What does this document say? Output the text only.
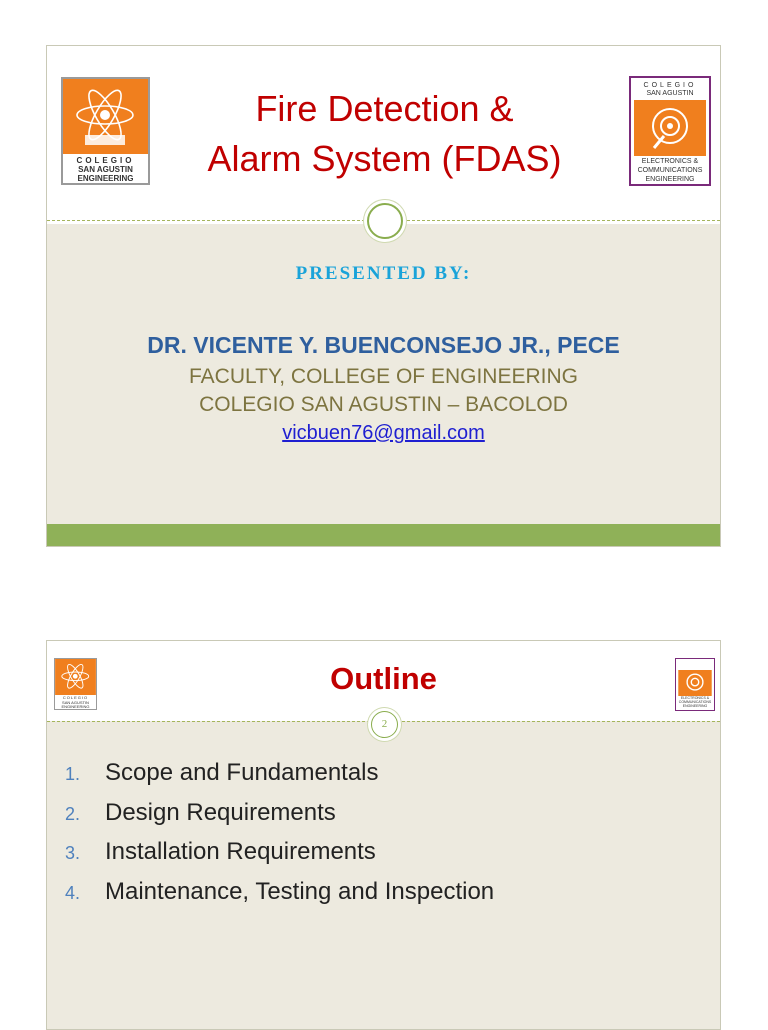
COLEGIO
SAN AGUSTIN
ENGINEERING
Fire Detection &
Alarm System (FDAS)
COLEGIO
SAN AGUSTIN
ELECTRONICS &
COMMUNICATIONS
ENGINEERING

PRESENTED BY:

DR. VICENTE Y. BUENCONSEJO JR., PECE

FACULTY, COLLEGE OF ENGINEERING

COLEGIO SAN AGUSTIN – BACOLOD

vicbuen76@gmail.com

COLEGIO
SAN AGUSTIN
ENGINEERING

Outline

ELECTRONICS &
COMMUNICATIONS
ENGINEERING
2
1.	Scope and Fundamentals
2.	Design Requirements
3.	Installation Requirements
4.	Maintenance, Testing and Inspection
